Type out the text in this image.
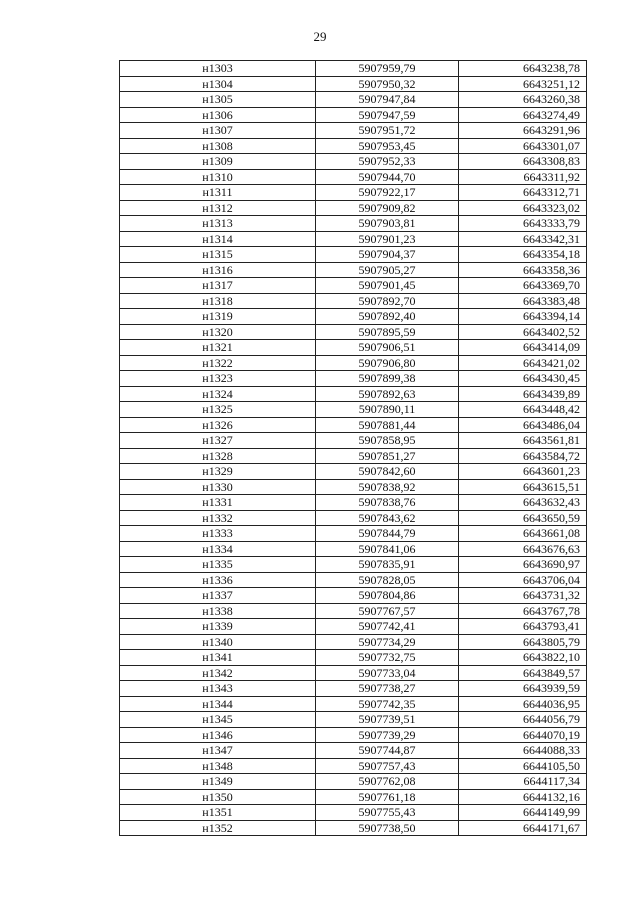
29
н1303	5907959,79	6643238,78
н1304	5907950,32	6643251,12
н1305	5907947,84	6643260,38
н1306	5907947,59	6643274,49
н1307	5907951,72	6643291,96
н1308	5907953,45	6643301,07
н1309	5907952,33	6643308,83
н1310	5907944,70	6643311,92
н1311	5907922,17	6643312,71
н1312	5907909,82	6643323,02
н1313	5907903,81	6643333,79
н1314	5907901,23	6643342,31
н1315	5907904,37	6643354,18
н1316	5907905,27	6643358,36
н1317	5907901,45	6643369,70
н1318	5907892,70	6643383,48
н1319	5907892,40	6643394,14
н1320	5907895,59	6643402,52
н1321	5907906,51	6643414,09
н1322	5907906,80	6643421,02
н1323	5907899,38	6643430,45
н1324	5907892,63	6643439,89
н1325	5907890,11	6643448,42
н1326	5907881,44	6643486,04
н1327	5907858,95	6643561,81
н1328	5907851,27	6643584,72
н1329	5907842,60	6643601,23
н1330	5907838,92	6643615,51
н1331	5907838,76	6643632,43
н1332	5907843,62	6643650,59
н1333	5907844,79	6643661,08
н1334	5907841,06	6643676,63
н1335	5907835,91	6643690,97
н1336	5907828,05	6643706,04
н1337	5907804,86	6643731,32
н1338	5907767,57	6643767,78
н1339	5907742,41	6643793,41
н1340	5907734,29	6643805,79
н1341	5907732,75	6643822,10
н1342	5907733,04	6643849,57
н1343	5907738,27	6643939,59
н1344	5907742,35	6644036,95
н1345	5907739,51	6644056,79
н1346	5907739,29	6644070,19
н1347	5907744,87	6644088,33
н1348	5907757,43	6644105,50
н1349	5907762,08	6644117,34
н1350	5907761,18	6644132,16
н1351	5907755,43	6644149,99
н1352	5907738,50	6644171,67
